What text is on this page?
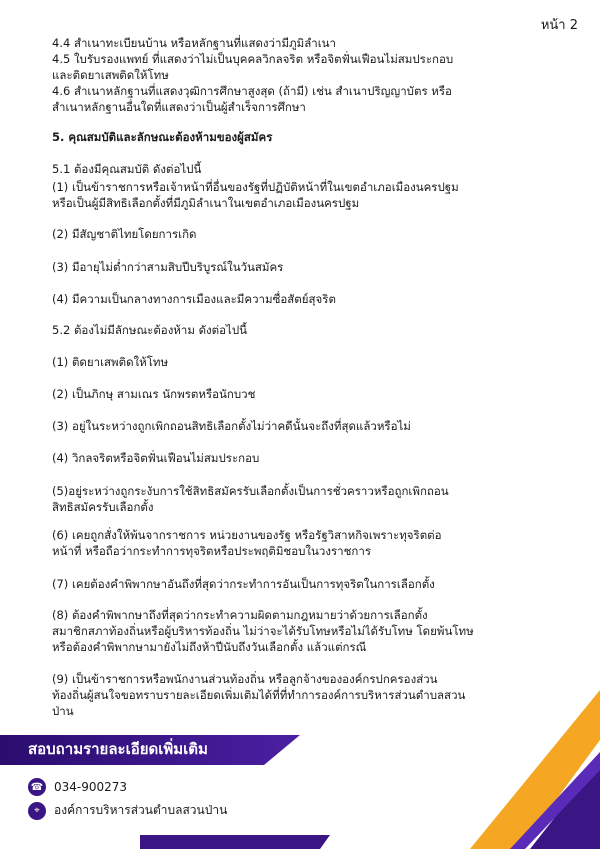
หน้า 2
4.4 สำเนาทะเบียนบ้าน หรือหลักฐานที่แสดงว่ามีภูมิลำเนา
4.5 ใบรับรองแพทย์ ที่แสดงว่าไม่เป็นบุคคลวิกลจริต หรือจิตฟั่นเฟือนไม่สมประกอบ
และติดยาเสพติดให้โทษ
4.6 สำเนาหลักฐานที่แสดงวุฒิการศึกษาสูงสุด (ถ้ามี) เช่น สำเนาปริญญาบัตร หรือ
สำเนาหลักฐานอื่นใดที่แสดงว่าเป็นผู้สำเร็จการศึกษา
5. คุณสมบัติและลักษณะต้องห้ามของผู้สมัคร
5.1 ต้องมีคุณสมบัติ ดังต่อไปนี้
(1) เป็นข้าราชการหรือเจ้าหน้าที่อื่นของรัฐที่ปฏิบัติหน้าที่ในเขตอำเภอเมืองนครปฐม
หรือเป็นผู้มีสิทธิเลือกตั้งที่มีภูมิลำเนาในเขตอำเภอเมืองนครปฐม
(2) มีสัญชาติไทยโดยการเกิด
(3) มีอายุไม่ต่ำกว่าสามสิบปีบริบูรณ์ในวันสมัคร
(4) มีความเป็นกลางทางการเมืองและมีความซื่อสัตย์สุจริต
5.2 ต้องไม่มีลักษณะต้องห้าม ดังต่อไปนี้
(1) ติดยาเสพติดให้โทษ
(2) เป็นภิกษุ สามเณร นักพรตหรือนักบวช
(3) อยู่ในระหว่างถูกเพิกถอนสิทธิเลือกตั้งไม่ว่าคดีนั้นจะถึงที่สุดแล้วหรือไม่
(4) วิกลจริตหรือจิตฟั่นเฟือนไม่สมประกอบ
(5)อยู่ระหว่างถูกระงับการใช้สิทธิสมัครรับเลือกตั้งเป็นการชั่วคราวหรือถูกเพิกถอน
สิทธิสมัครรับเลือกตั้ง
(6) เคยถูกสั่งให้พ้นจากราชการ หน่วยงานของรัฐ หรือรัฐวิสาหกิจเพราะทุจริตต่อ
หน้าที่ หรือถือว่ากระทำการทุจริตหรือประพฤติมิชอบในวงราชการ
(7) เคยต้องคำพิพากษาอันถึงที่สุดว่ากระทำการอันเป็นการทุจริตในการเลือกตั้ง
(8) ต้องคำพิพากษาถึงที่สุดว่ากระทำความผิดตามกฎหมายว่าด้วยการเลือกตั้ง
สมาชิกสภาท้องถิ่นหรือผู้บริหารท้องถิ่น ไม่ว่าจะได้รับโทษหรือไม่ได้รับโทษ โดยพ้นโทษ
หรือต้องคำพิพากษามายังไม่ถึงห้าปีนับถึงวันเลือกตั้ง แล้วแต่กรณี
(9) เป็นข้าราชการหรือพนักงานส่วนท้องถิ่น หรือลูกจ้างขององค์กรปกครองส่วน
ท้องถิ่นผู้สนใจขอทราบรายละเอียดเพิ่มเติมได้ที่ที่ทำการองค์การบริหารส่วนตำบลสวน
ป่าน
สอบถามรายละเอียดเพิ่มเติม
☎ 034-900273
⌖	องค์การบริหารส่วนตำบลสวนป่าน
